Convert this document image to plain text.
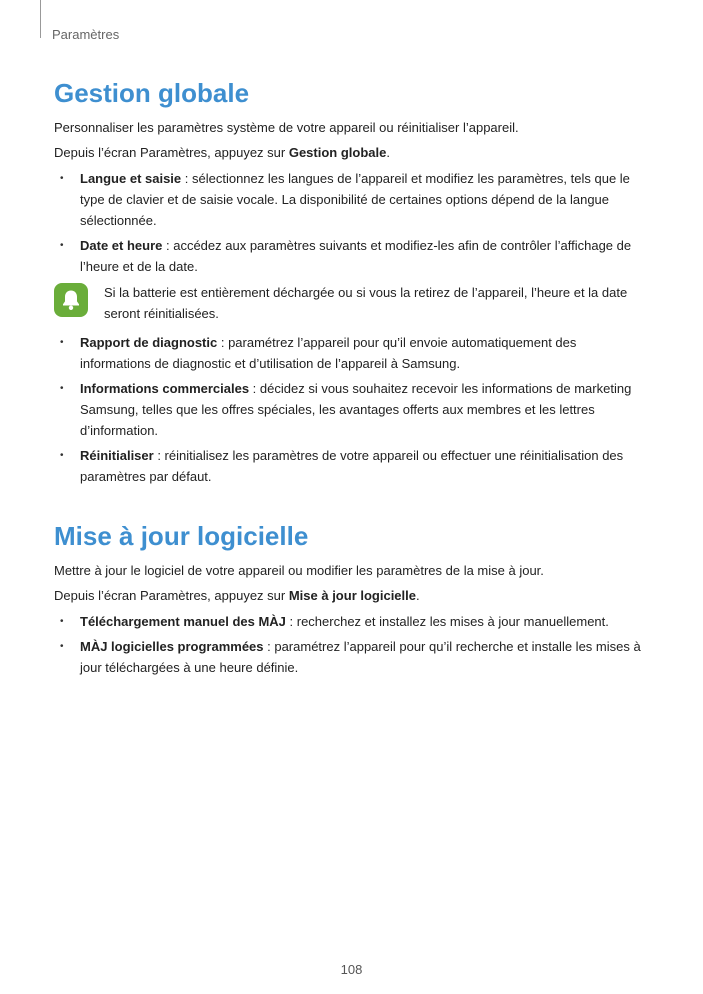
Paramètres
Gestion globale

Personnaliser les paramètres système de votre appareil ou réinitialiser l’appareil.

Depuis l’écran Paramètres, appuyez sur Gestion globale.

• Langue et saisie : sélectionnez les langues de l’appareil et modifiez les paramètres, tels que le type de clavier et de saisie vocale. La disponibilité de certaines options dépend de la langue sélectionnée.
• Date et heure : accédez aux paramètres suivants et modifiez-les afin de contrôler l’affichage de l’heure et de la date.
Si la batterie est entièrement déchargée ou si vous la retirez de l’appareil, l’heure et la date seront réinitialisées.
• Rapport de diagnostic : paramétrez l’appareil pour qu’il envoie automatiquement des informations de diagnostic et d’utilisation de l’appareil à Samsung.
• Informations commerciales : décidez si vous souhaitez recevoir les informations de marketing Samsung, telles que les offres spéciales, les avantages offerts aux membres et les lettres d’information.
• Réinitialiser : réinitialisez les paramètres de votre appareil ou effectuer une réinitialisation des paramètres par défaut.
Mise à jour logicielle

Mettre à jour le logiciel de votre appareil ou modifier les paramètres de la mise à jour.

Depuis l’écran Paramètres, appuyez sur Mise à jour logicielle.

• Téléchargement manuel des MÀJ : recherchez et installez les mises à jour manuellement.
• MÀJ logicielles programmées : paramétrez l’appareil pour qu’il recherche et installe les mises à jour téléchargées à une heure définie.
108
